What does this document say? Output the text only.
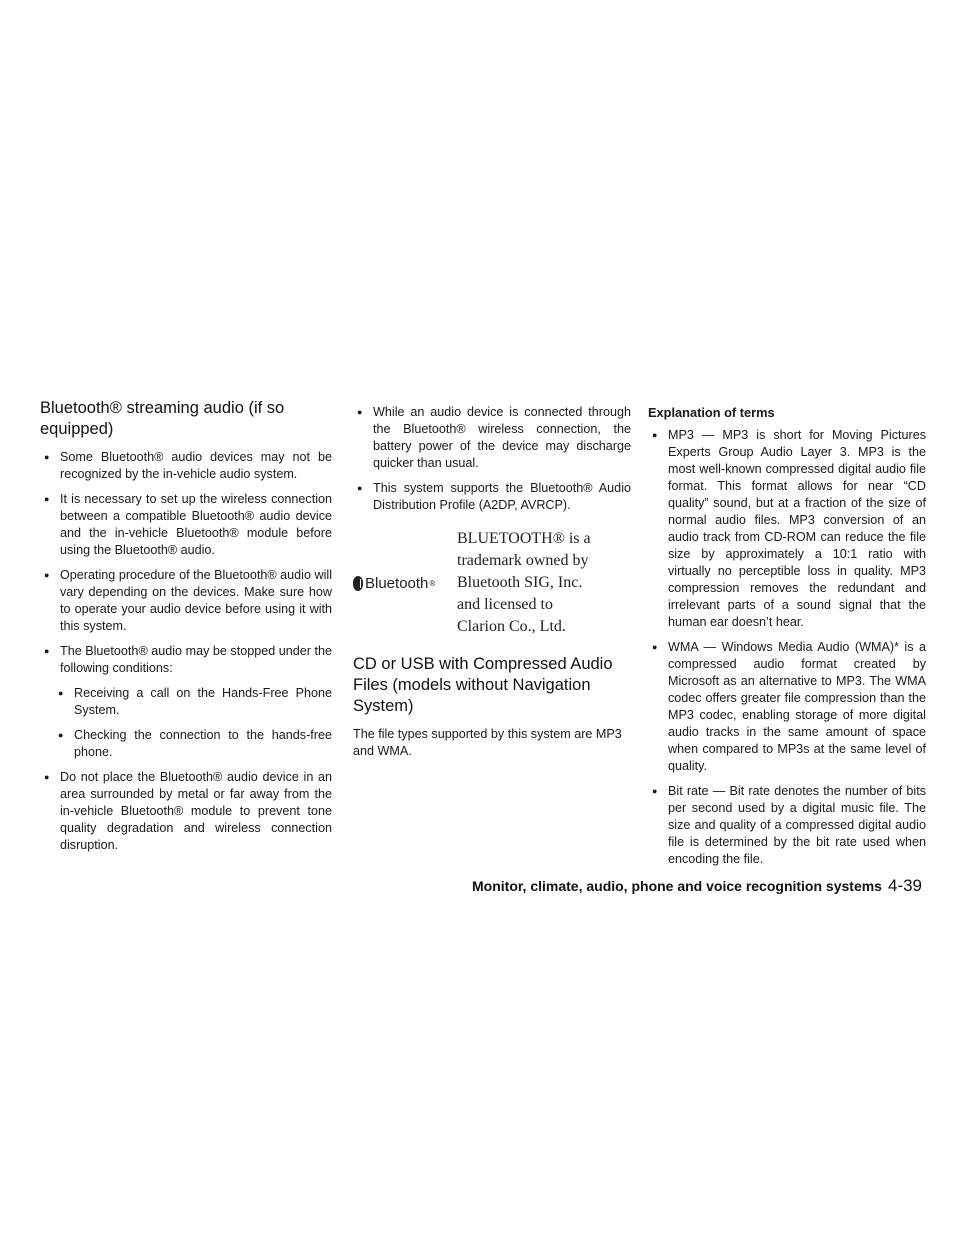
Bluetooth® streaming audio (if so equipped)

● Some Bluetooth® audio devices may not be recognized by the in-vehicle audio system.

● It is necessary to set up the wireless connection between a compatible Bluetooth® audio device and the in-vehicle Bluetooth® module before using the Bluetooth® audio.

● Operating procedure of the Bluetooth® audio will vary depending on the devices. Make sure how to operate your audio device before using it with this system.

● The Bluetooth® audio may be stopped under the following conditions:

● Receiving a call on the Hands-Free Phone System.

● Checking the connection to the hands-free phone.

● Do not place the Bluetooth® audio device in an area surrounded by metal or far away from the in-vehicle Bluetooth® module to prevent tone quality degradation and wireless connection disruption.

● While an audio device is connected through the Bluetooth® wireless connection, the battery power of the device may discharge quicker than usual.

● This system supports the Bluetooth® Audio Distribution Profile (A2DP, AVRCP).

Bluetooth ®
BLUETOOTH® is a
trademark owned by
Bluetooth SIG, Inc.
and licensed to
Clarion Co., Ltd.
CD or USB with Compressed Audio Files (models without Navigation System)

The file types supported by this system are MP3 and WMA.

Explanation of terms

● MP3 — MP3 is short for Moving Pictures Experts Group Audio Layer 3. MP3 is the most well-known compressed digital audio file format. This format allows for near “CD quality” sound, but at a fraction of the size of normal audio files. MP3 conversion of an audio track from CD-ROM can reduce the file size by approximately a 10:1 ratio with virtually no perceptible loss in quality. MP3 compression removes the redundant and irrelevant parts of a sound signal that the human ear doesn’t hear.

● WMA — Windows Media Audio (WMA)* is a compressed audio format created by Microsoft as an alternative to MP3. The WMA codec offers greater file compression than the MP3 codec, enabling storage of more digital audio tracks in the same amount of space when compared to MP3s at the same level of quality.

● Bit rate — Bit rate denotes the number of bits per second used by a digital music file. The size and quality of a compressed digital audio file is determined by the bit rate used when encoding the file.

Monitor, climate, audio, phone and voice recognition systems 4-39
